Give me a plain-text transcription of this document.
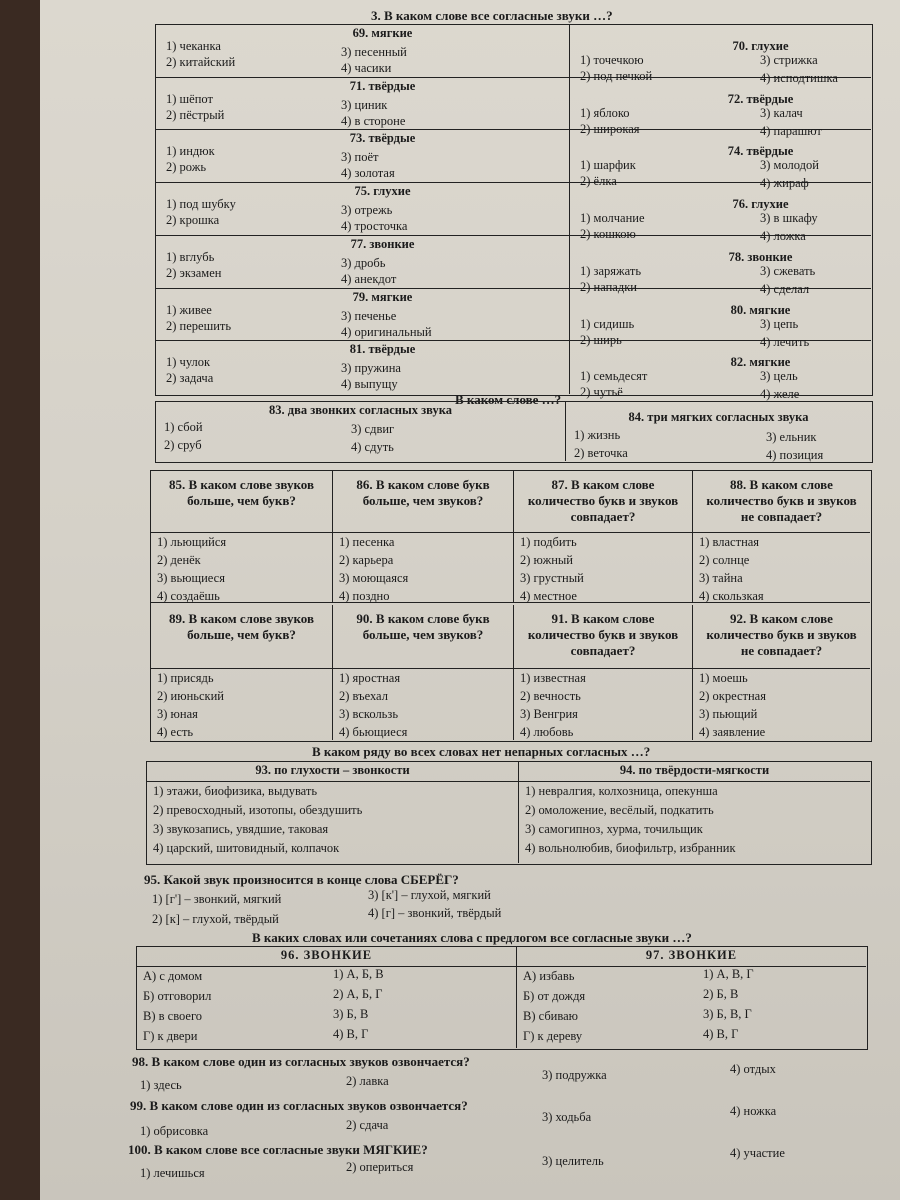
3. В каком слове все согласные звуки …?
69. мягкие
1) чеканка	3) песенный
2) китайский	4) часики
70. глухие
1) точечкою	3) стрижка
2) под печкой	4) исподтишка
71. твёрдые
1) шёпот	3) циник
2) пёстрый	4) в стороне
72. твёрдые
1) яблоко	3) калач
2) широкая	4) парашют
73. твёрдые
1) индюк	3) поёт
2) рожь	4) золотая
74. твёрдые
1) шарфик	3) молодой
2) ёлка	4) жираф
75. глухие
1) под шубку	3) отрежь
2) крошка	4) тросточка
76. глухие
1) молчание	3) в шкафу
2) кошкою	4) ложка
77. звонкие
1) вглубь	3) дробь
2) экзамен	4) анекдот
78. звонкие
1) заряжать	3) сжевать
2) нападки	4) сделал
79. мягкие
1) живее	3) печенье
2) перешить	4) оригинальный
80. мягкие
1) сидишь	3) цепь
2) ширь	4) лечить
81. твёрдые
1) чулок	3) пружина
2) задача	4) выпущу
82. мягкие
1) семьдесят	3) цель
2) чутьё	4) желе
В каком слове …?
83. два звонких согласных звука
1) сбой	3) сдвиг
2) сруб	4) сдуть
84. три мягких согласных звука
1) жизнь	3) ельник
2) веточка	4) позиция
85. В каком слове звуков больше, чем букв?
1) льющийся
2) денёк
3) вьющиеся
4) создаёшь
86. В каком слове букв больше, чем звуков?
1) песенка
2) карьера
3) моющаяся
4) поздно
87. В каком слове количество букв и звуков совпадает?
1) подбить
2) южный
3) грустный
4) местное
88. В каком слове количество букв и звуков не совпадает?
1) властная
2) солнце
3) тайна
4) скользкая
89. В каком слове звуков больше, чем букв?
1) присядь
2) июньский
3) юная
4) есть
90. В каком слове букв больше, чем звуков?
1) яростная
2) въехал
3) вскользь
4) бьющиеся
91. В каком слове количество букв и звуков совпадает?
1) известная
2) вечность
3) Венгрия
4) любовь
92. В каком слове количество букв и звуков не совпадает?
1) моешь
2) окрестная
3) пьющий
4) заявление
В каком ряду во всех словах нет непарных согласных …?
93. по глухости – звонкости
1) этажи, биофизика, выдувать
2) превосходный, изотопы, обездушить
3) звукозапись, увядшие, таковая
4) царский, шитовидный, колпачок
94. по твёрдости-мягкости
1) невралгия, колхозница, опекунша
2) омоложение, весёлый, подкатить
3) самогипноз, хурма, точильщик
4) вольнолюбив, биофильтр, избранник
95. Какой звук произносится в конце слова СБЕРЁГ?
1) [г'] – звонкий, мягкий	3) [к'] – глухой, мягкий
2) [к] – глухой, твёрдый	4) [г] – звонкий, твёрдый
В каких словах или сочетаниях слова с предлогом все согласные звуки …?
96. ЗВОНКИЕ
А) с домом
Б) отговорил
В) в своего
Г) к двери
1) А, Б, В
2) А, Б, Г
3) Б, В
4) В, Г
97. ЗВОНКИЕ
А) избавь
Б) от дождя
В) сбиваю
Г) к дереву
1) А, В, Г
2) Б, В
3) Б, В, Г
4) В, Г
98. В каком слове один из согласных звуков озвончается?
1) здесь	2) лавка	3) подружка	4) отдых
99. В каком слове один из согласных звуков озвончается?
1) обрисовка	2) сдача
3) ходьба	4) ножка
100. В каком слове все согласные звуки МЯГКИЕ?
1) лечишься	2) опериться	3) целитель
4) участие
